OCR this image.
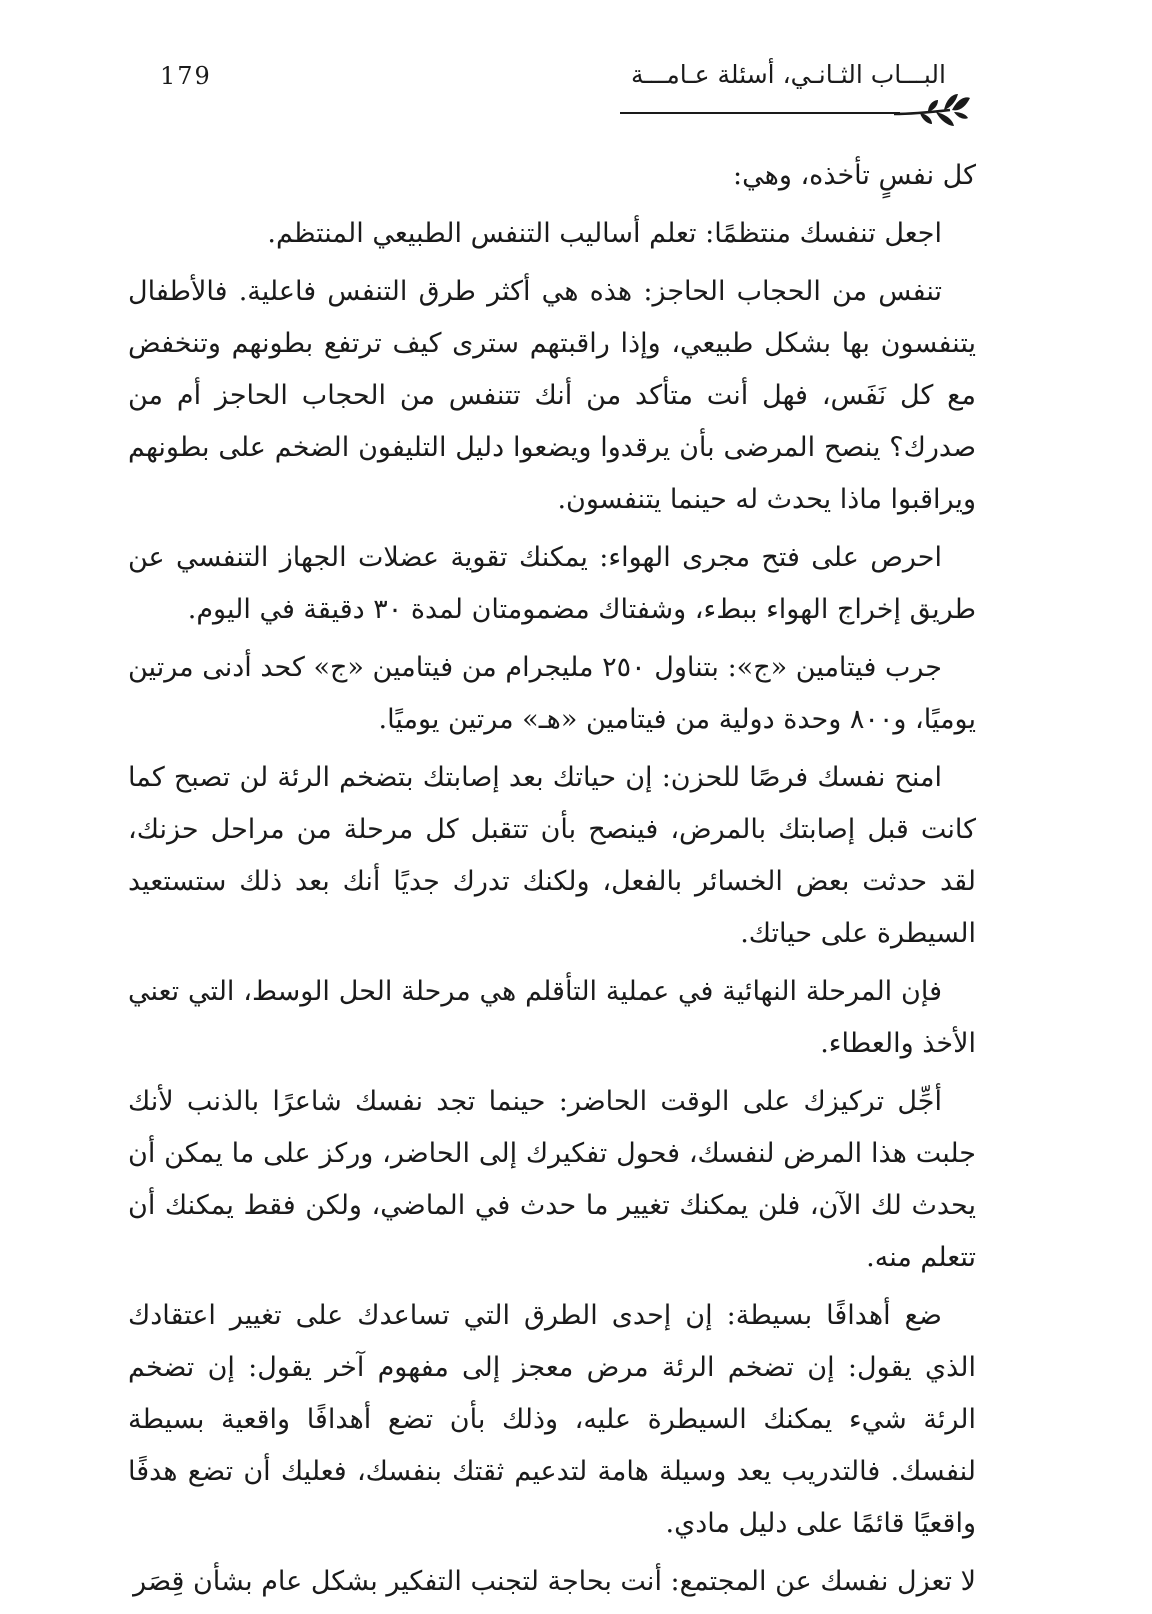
179	البـــاب الثـانـي، أسئلة عـامـــة

كل نفسٍ تأخذه، وهي:

اجعل تنفسك منتظمًا:تعلم أساليب التنفس الطبيعي المنتظم.

تنفس من الحجاب الحاجز:هذه هي أكثر طرق التنفس فاعلية. فالأطفال يتنفسون بها بشكل طبيعي، وإذا راقبتهم سترى كيف ترتفع بطونهم وتنخفض مع كل نَفَس، فهل أنت متأكد من أنك تتنفس من الحجاب الحاجز أم من صدرك؟ ينصح المرضى بأن يرقدوا ويضعوا دليل التليفون الضخم على بطونهم ويراقبوا ماذا يحدث له حينما يتنفسون.

احرص على فتح مجرى الهواء:يمكنك تقوية عضلات الجهاز التنفسي عن طريق إخراج الهواء ببطء، وشفتاك مضمومتان لمدة ٣٠ دقيقة في اليوم.

جرب فيتامين «ج»:بتناول ٢٥٠ مليجرام من فيتامين «ج» كحد أدنى مرتين يوميًا، و٨٠٠ وحدة دولية من فيتامين «هـ» مرتين يوميًا.

امنح نفسك فرصًا للحزن:إن حياتك بعد إصابتك بتضخم الرئة لن تصبح كما كانت قبل إصابتك بالمرض، فينصح بأن تتقبل كل مرحلة من مراحل حزنك، لقد حدثت بعض الخسائر بالفعل، ولكنك تدرك جديًا أنك بعد ذلك ستستعيد السيطرة على حياتك.

فإن المرحلة النهائية في عملية التأقلم هي مرحلة الحل الوسط، التي تعني الأخذ والعطاء.

أجِّل تركيزك على الوقت الحاضر:حينما تجد نفسك شاعرًا بالذنب لأنك جلبت هذا المرض لنفسك، فحول تفكيرك إلى الحاضر، وركز على ما يمكن أن يحدث لك الآن، فلن يمكنك تغيير ما حدث في الماضي، ولكن فقط يمكنك أن تتعلم منه.

ضع أهدافًا بسيطة:إن إحدى الطرق التي تساعدك على تغيير اعتقادك الذي يقول: إن تضخم الرئة مرض معجز إلى مفهوم آخر يقول: إن تضخم الرئة شيء يمكنك السيطرة عليه، وذلك بأن تضع أهدافًا واقعية بسيطة لنفسك. فالتدريب يعد وسيلة هامة لتدعيم ثقتك بنفسك، فعليك أن تضع هدفًا واقعيًا قائمًا على دليل مادي.

لا تعزل نفسك عن المجتمع:أنت بحاجة لتجنب التفكير بشكل عام بشأن قِصَر
